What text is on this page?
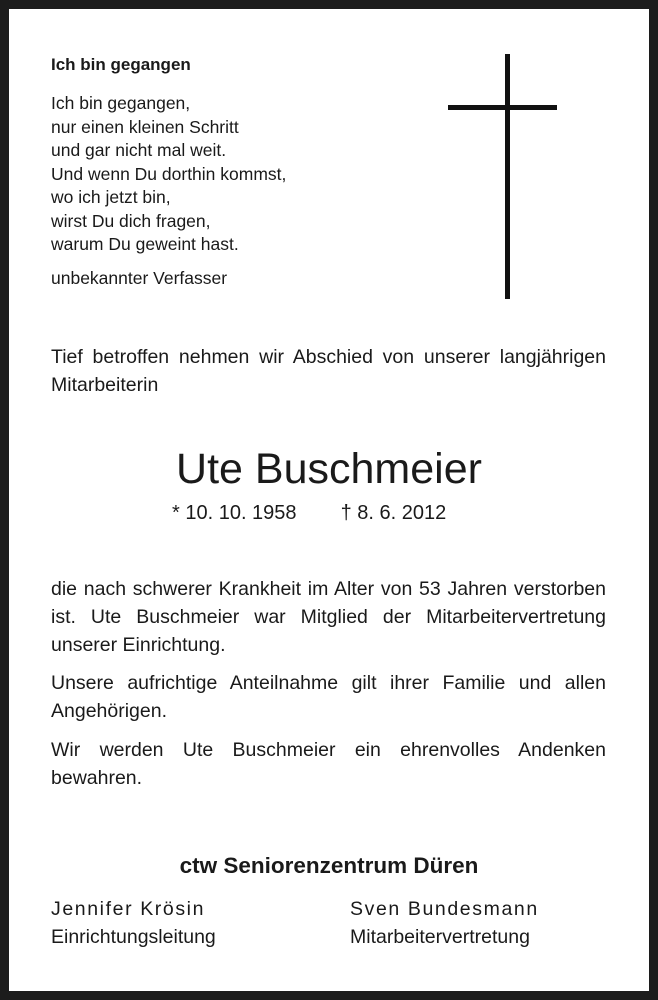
Ich bin gegangen
Ich bin gegangen,
nur einen kleinen Schritt
und gar nicht mal weit.
Und wenn Du dorthin kommst,
wo ich jetzt bin,
wirst Du dich fragen,
warum Du geweint hast.
unbekannter Verfasser

Tief betroffen nehmen wir Abschied von unserer langjährigen Mitarbeiterin

Ute Buschmeier
* 10. 10. 1958 † 8. 6. 2012

die nach schwerer Krankheit im Alter von 53 Jahren verstorben ist. Ute Buschmeier war Mitglied der Mitarbeitervertretung unserer Einrichtung.

Unsere aufrichtige Anteilnahme gilt ihrer Familie und allen Angehörigen.

Wir werden Ute Buschmeier ein ehrenvolles Andenken bewahren.

ctw Seniorenzentrum Düren
Jennifer Krösin
Einrichtungsleitung
Sven Bundesmann
Mitarbeitervertretung
